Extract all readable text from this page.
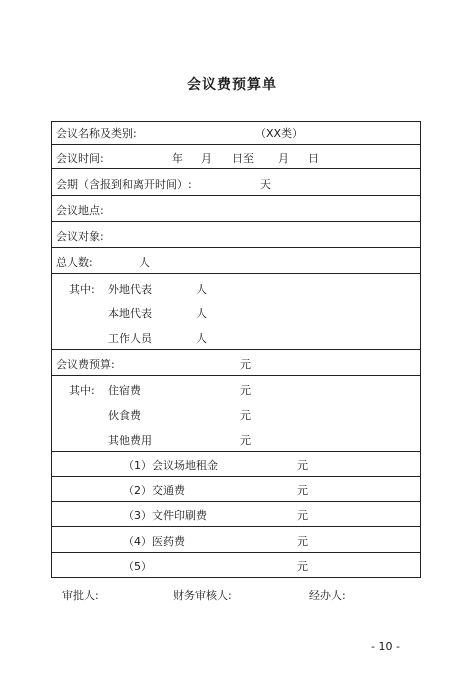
会议费预算单
会议名称及类别:	（XX类）
会议时间:	年 月 日至 月 日
会期（含报到和离开时间）:	天
会议地点:
会议对象:
总人数:	人
其中: 外地代表	人
本地代表	人
工作人员	人
会议费预算:	元
其中: 住宿费	元
伙食费	元
其他费用	元
（1）会议场地租金	元
（2）交通费	元
（3）文件印刷费	元
（4）医药费	元
（5）	元
审批人:	财务审核人:	经办人:
- 10 -
